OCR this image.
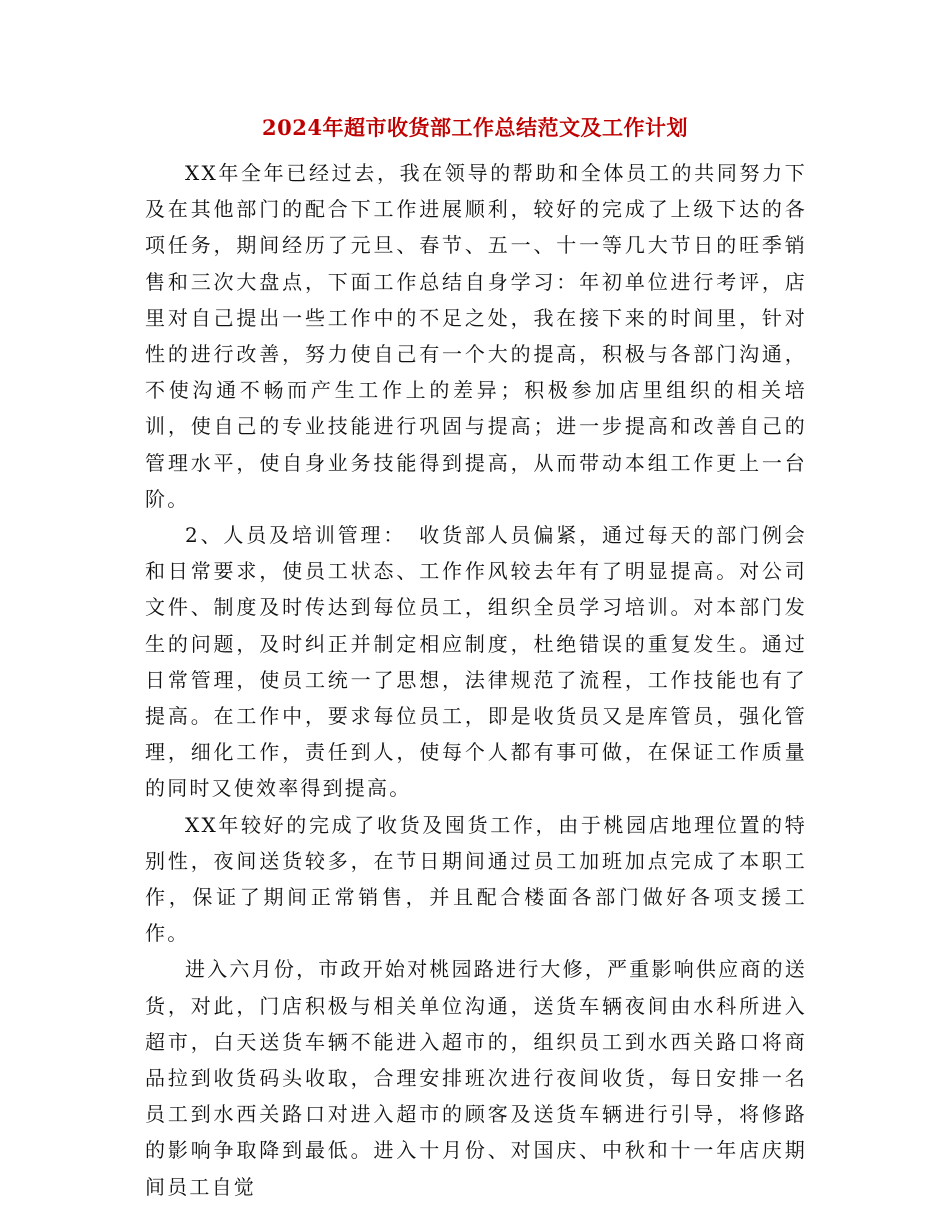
2024年超市收货部工作总结范文及工作计划

XX年全年已经过去，我在领导的帮助和全体员工的共同努力下及在其他部门的配合下工作进展顺利，较好的完成了上级下达的各项任务，期间经历了元旦、春节、五一、十一等几大节日的旺季销售和三次大盘点，下面工作总结自身学习：年初单位进行考评，店里对自己提出一些工作中的不足之处，我在接下来的时间里，针对性的进行改善，努力使自己有一个大的提高，积极与各部门沟通，不使沟通不畅而产生工作上的差异；积极参加店里组织的相关培训，使自己的专业技能进行巩固与提高；进一步提高和改善自己的管理水平，使自身业务技能得到提高，从而带动本组工作更上一台阶。

2、人员及培训管理：　收货部人员偏紧，通过每天的部门例会和日常要求，使员工状态、工作作风较去年有了明显提高。对公司文件、制度及时传达到每位员工，组织全员学习培训。对本部门发生的问题，及时纠正并制定相应制度，杜绝错误的重复发生。通过日常管理，使员工统一了思想，法律规范了流程，工作技能也有了提高。在工作中，要求每位员工，即是收货员又是库管员，强化管理，细化工作，责任到人，使每个人都有事可做，在保证工作质量的同时又使效率得到提高。

XX年较好的完成了收货及囤货工作，由于桃园店地理位置的特别性，夜间送货较多，在节日期间通过员工加班加点完成了本职工作，保证了期间正常销售，并且配合楼面各部门做好各项支援工作。

进入六月份，市政开始对桃园路进行大修，严重影响供应商的送货，对此，门店积极与相关单位沟通，送货车辆夜间由水科所进入超市，白天送货车辆不能进入超市的，组织员工到水西关路口将商品拉到收货码头收取，合理安排班次进行夜间收货，每日安排一名员工到水西关路口对进入超市的顾客及送货车辆进行引导，将修路的影响争取降到最低。进入十月份、对国庆、中秋和十一年店庆期间员工自觉
